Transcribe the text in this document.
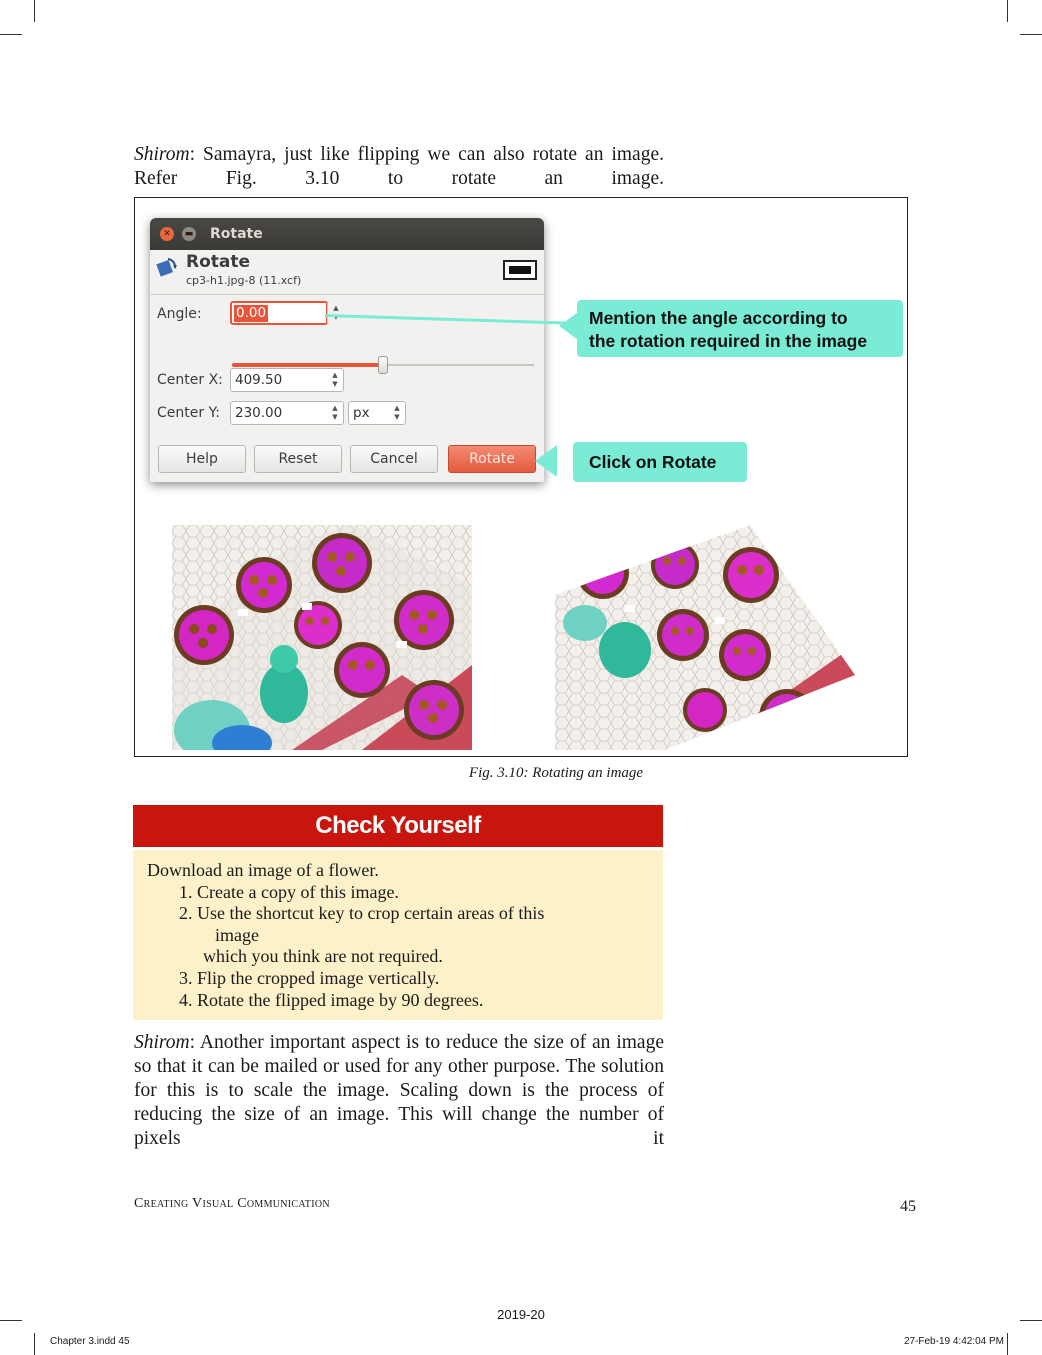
Shirom: Samayra, just like flipping we can also rotate an image. Refer Fig. 3.10 to rotate an image.
✕	▬ Rotate
Rotate
cp3-h1.jpg-8 (11.xcf)
Angle:	0.00	▲

Center X: 409.50	▲
▼
Center Y: 230.00	▲
▼	px	▲
▼
Help	Reset	Cancel	Rotate
Mention the angle according to
the rotation required in the image
Click on Rotate
Fig. 3.10: Rotating an image
Check Yourself
Download an image of a flower.
1. Create a copy of this image.
2. Use the shortcut key to crop certain areas of this
image
which you think are not required.
3. Flip the cropped image vertically.
4. Rotate the flipped image by 90 degrees.
Shirom: Another important aspect is to reduce the size of an image so that it can be mailed or used for any other purpose. The solution for this is to scale the image. Scaling down is the process of reducing the size of an image. This will change the number of pixels it
Creating Visual Communication	45
2019-20
Chapter 3.indd 45	27-Feb-19 4:42:04 PM
